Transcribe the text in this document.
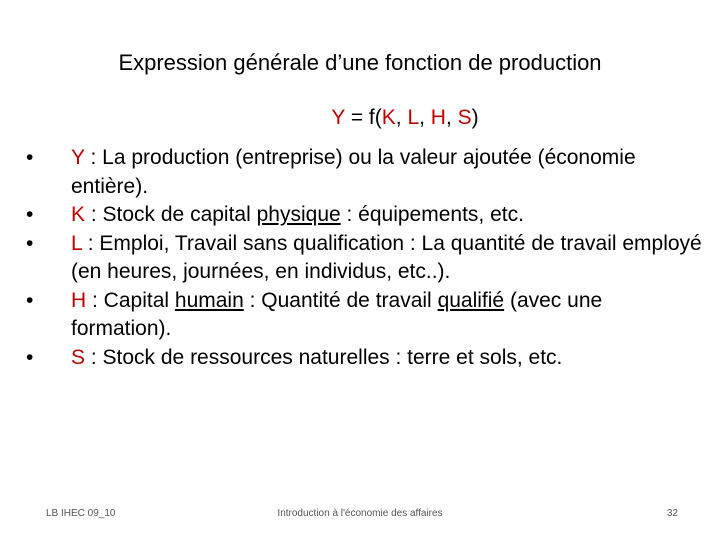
Expression générale d’une fonction de production
Y = f(K, L, H, S)
•	Y : La production (entreprise) ou la valeur ajoutée (économie entière).
•	K : Stock de capital physique : équipements, etc.
•	L : Emploi, Travail sans qualification : La quantité de travail employé (en heures, journées, en individus, etc..).
•	H : Capital humain : Quantité de travail qualifié (avec une formation).
•	S : Stock de ressources naturelles : terre et sols, etc.
LB IHEC 09_10	Introduction à l'économie des affaires	32
